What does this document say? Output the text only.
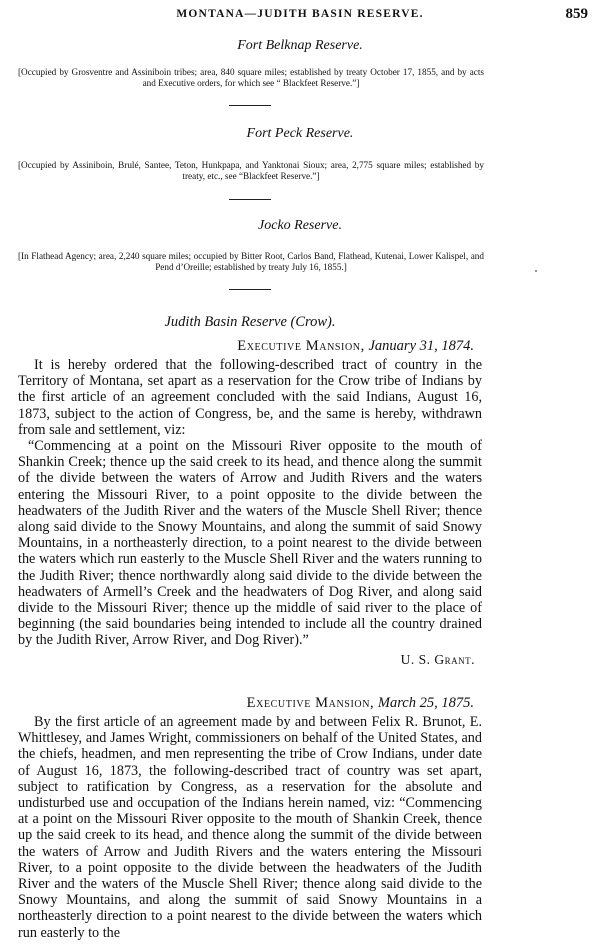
MONTANA—JUDITH BASIN RESERVE.	859
Fort Belknap Reserve.
[Occupied by Grosventre and Assiniboin tribes; area, 840 square miles; established by treaty October 17, 1855, and by acts and Executive orders, for which see “ Blackfeet Reserve.”]
Fort Peck Reserve.
[Occupied by Assiniboin, Brulé, Santee, Teton, Hunkpapa, and Yanktonai Sioux; area, 2,775 square miles; established by treaty, etc., see “Blackfeet Reserve.”]
Jocko Reserve.
[In Flathead Agency; area, 2,240 square miles; occupied by Bitter Root, Carlos Band, Flathead, Kutenai, Lower Kalispel, and Pend d’Oreille; established by treaty July 16, 1855.]
Judith Basin Reserve (Crow).
Executive Mansion, January 31, 1874.
It is hereby ordered that the following-described tract of country in the Territory of Montana, set apart as a reservation for the Crow tribe of Indians by the first article of an agreement concluded with the said Indians, August 16, 1873, subject to the action of Congress, be, and the same is hereby, withdrawn from sale and settlement, viz:
“Commencing at a point on the Missouri River opposite to the mouth of Shankin Creek; thence up the said creek to its head, and thence along the summit of the divide between the waters of Arrow and Judith Rivers and the waters entering the Missouri River, to a point opposite to the divide between the headwaters of the Judith River and the waters of the Muscle Shell River; thence along said divide to the Snowy Mountains, and along the summit of said Snowy Mountains, in a northeasterly direction, to a point nearest to the divide between the waters which run easterly to the Muscle Shell River and the waters running to the Judith River; thence northwardly along said divide to the divide between the headwaters of Armell’s Creek and the headwaters of Dog River, and along said divide to the Missouri River; thence up the middle of said river to the place of beginning (the said boundaries being intended to include all the country drained by the Judith River, Arrow River, and Dog River).”
U. S. Grant.
Executive Mansion, March 25, 1875.
By the first article of an agreement made by and between Felix R. Brunot, E. Whittlesey, and James Wright, commissioners on behalf of the United States, and the chiefs, headmen, and men representing the tribe of Crow Indians, under date of August 16, 1873, the following-described tract of country was set apart, subject to ratification by Congress, as a reservation for the absolute and undisturbed use and occupation of the Indians herein named, viz: “Commencing at a point on the Missouri River opposite to the mouth of Shankin Creek, thence up the said creek to its head, and thence along the summit of the divide between the waters of Arrow and Judith Rivers and the waters entering the Missouri River, to a point opposite to the divide between the headwaters of the Judith River and the waters of the Muscle Shell River; thence along said divide to the Snowy Mountains, and along the summit of said Snowy Mountains in a northeasterly direction to a point nearest to the divide between the waters which run easterly to the
